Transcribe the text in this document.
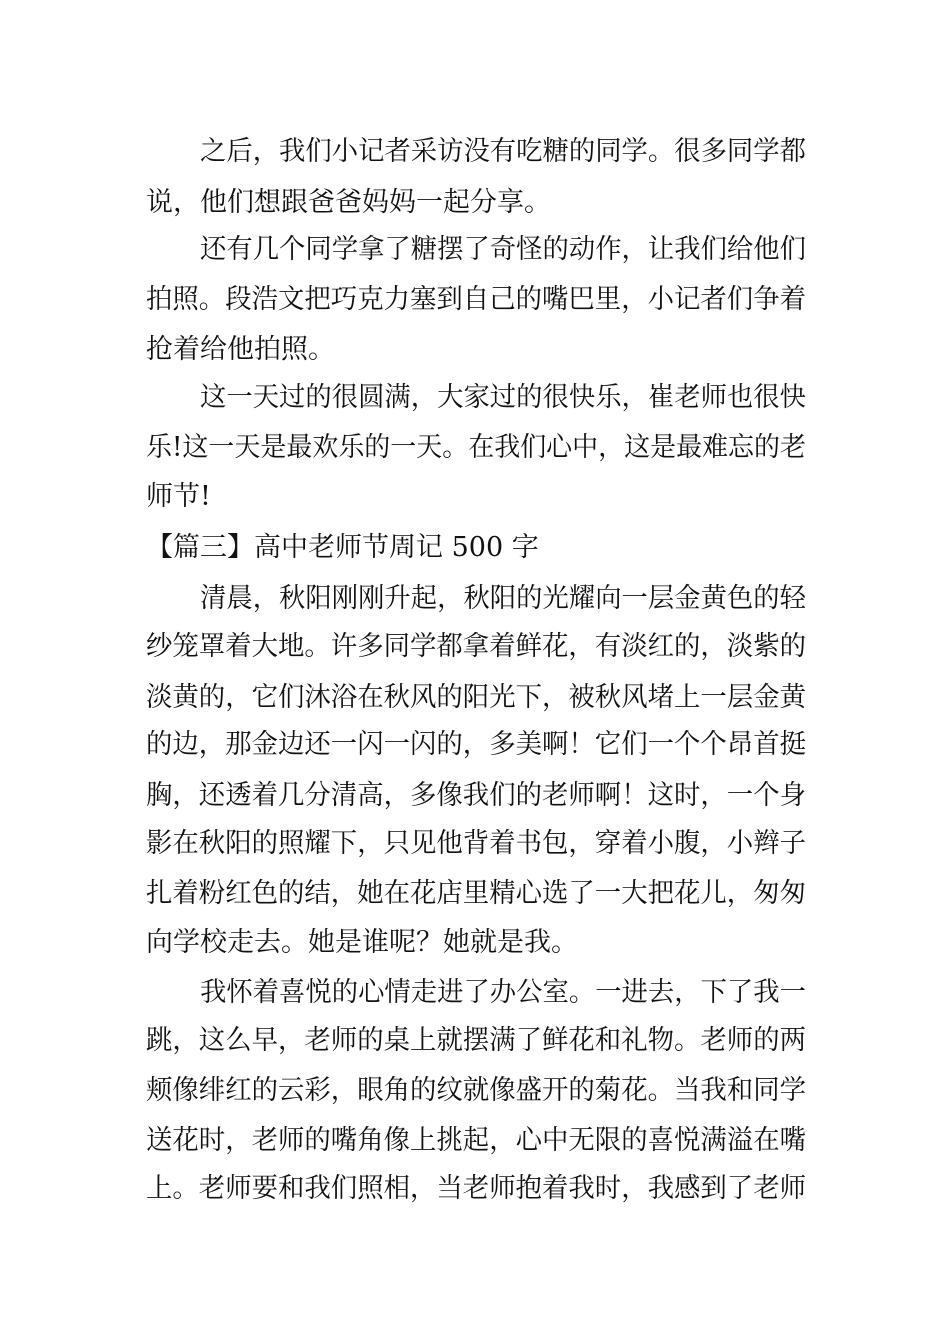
之后，我们小记者采访没有吃糖的同学。很多同学都
说，他们想跟爸爸妈妈一起分享。
还有几个同学拿了糖摆了奇怪的动作，让我们给他们
拍照。段浩文把巧克力塞到自己的嘴巴里，小记者们争着
抢着给他拍照。
这一天过的很圆满，大家过的很快乐，崔老师也很快
乐!这一天是最欢乐的一天。在我们心中，这是最难忘的老
师节!
【篇三】高中老师节周记 500 字
清晨，秋阳刚刚升起，秋阳的光耀向一层金黄色的轻
纱笼罩着大地。许多同学都拿着鲜花，有淡红的，淡紫的
淡黄的，它们沐浴在秋风的阳光下，被秋风堵上一层金黄
的边，那金边还一闪一闪的，多美啊！它们一个个昂首挺
胸，还透着几分清高，多像我们的老师啊！这时，一个身
影在秋阳的照耀下，只见他背着书包，穿着小腹，小辫子
扎着粉红色的结，她在花店里精心选了一大把花儿，匆匆
向学校走去。她是谁呢？她就是我。
我怀着喜悦的心情走进了办公室。一进去，下了我一
跳，这么早，老师的桌上就摆满了鲜花和礼物。老师的两
颊像绯红的云彩，眼角的纹就像盛开的菊花。当我和同学
送花时，老师的嘴角像上挑起，心中无限的喜悦满溢在嘴
上。老师要和我们照相，当老师抱着我时，我感到了老师
